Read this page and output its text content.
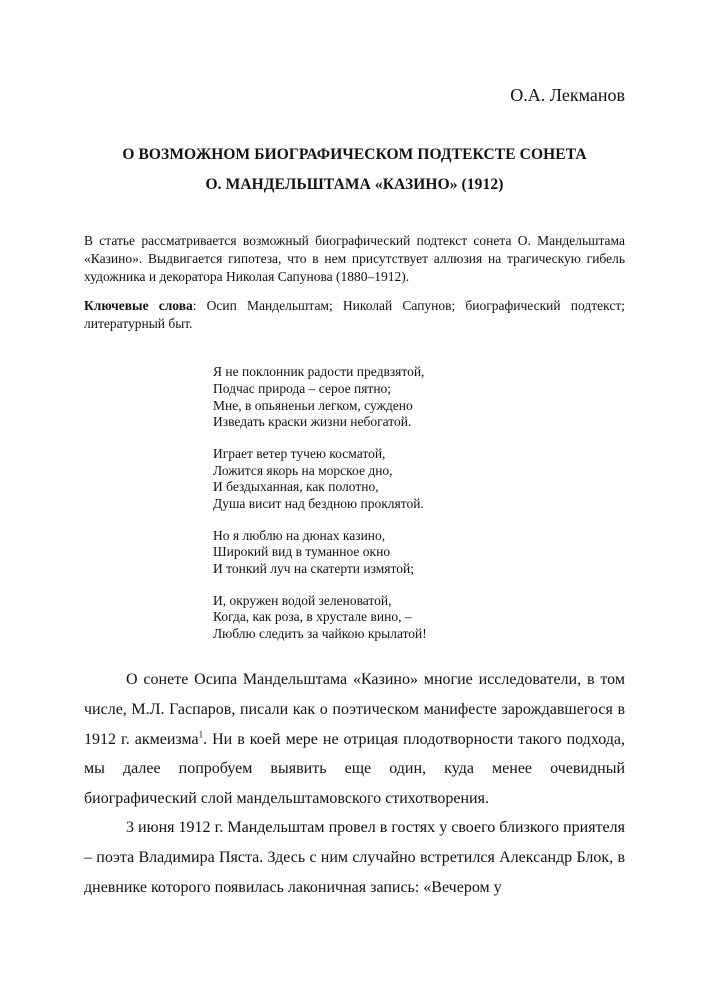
О.А. Лекманов
О ВОЗМОЖНОМ БИОГРАФИЧЕСКОМ ПОДТЕКСТЕ СОНЕТА
О. МАНДЕЛЬШТАМА «КАЗИНО» (1912)
В статье рассматривается возможный биографический подтекст сонета О. Мандельштама «Казино». Выдвигается гипотеза, что в нем присутствует аллюзия на трагическую гибель художника и декоратора Николая Сапунова (1880–1912).
Ключевые слова: Осип Мандельштам; Николай Сапунов; биографический подтекст; литературный быт.
Я не поклонник радости предвзятой,
Подчас природа – серое пятно;
Мне, в опьяненьи легком, суждено
Изведать краски жизни небогатой.
Играет ветер тучею косматой,
Ложится якорь на морское дно,
И бездыханная, как полотно,
Душа висит над бездною проклятой.
Но я люблю на дюнах казино,
Широкий вид в туманное окно
И тонкий луч на скатерти измятой;
И, окружен водой зеленоватой,
Когда, как роза, в хрустале вино, –
Люблю следить за чайкою крылатой!

О сонете Осипа Мандельштама «Казино» многие исследователи, в том числе, М.Л. Гаспаров, писали как о поэтическом манифесте зарождавшегося в 1912 г. акмеизма$^1$. Ни в коей мере не отрицая плодотворности такого подхода, мы далее попробуем выявить еще один, куда менее очевидный биографический слой мандельштамовского стихотворения.

3 июня 1912 г. Мандельштам провел в гостях у своего близкого приятеля – поэта Владимира Пяста. Здесь с ним случайно встретился Александр Блок, в дневнике которого появилась лаконичная запись: «Вечером у
